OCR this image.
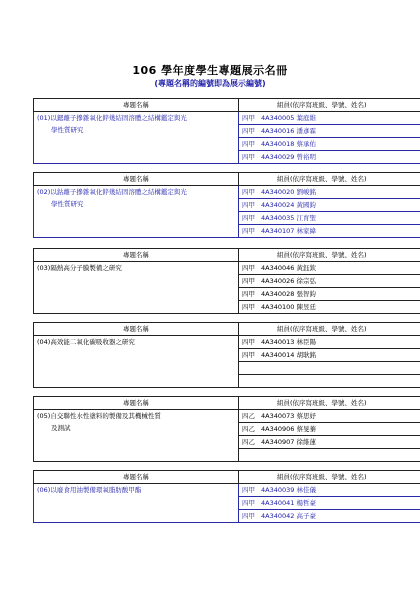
106 學年度學生專題展示名冊
(專題名稱的編號即為展示編號)
專題名稱	組員(依序寫班級、學號、姓名)
(01)以鍶離子摻雜氧化鋅幾結固溶體之結構鑑定與光
學性質研究	四甲 4A340005 葉庭維
	四甲 4A340016 潘彥霖
	四甲 4A340018 蔡承佑
	四甲 4A340029 曾裕明
專題名稱	組員(依序寫班級、學號、姓名)
(02)以鈷離子摻雜氧化鋅幾結固溶體之結構鑑定與光
學性質研究	四甲 4A340020 劉峻銘
	四甲 4A340024 黃國鈞
	四甲 4A340035 江育聖
	四甲 4A340107 林家緯
專題名稱	組員(依序寫班級、學號、姓名)
(03)隔熱高分子膜製備之研究	四甲 4A340046 黃鈺欽
	四甲 4A340026 徐宗弘
	四甲 4A340028 張智鈞
	四甲 4A340100 陳昱廷
專題名稱	組員(依序寫班級、學號、姓名)
(04)高效能二氧化碳吸收器之研究	四甲 4A340013 林臣陽
	四甲 4A340014 胡耿銘

專題名稱	組員(依序寫班級、學號、姓名)
(05)自交聯性水性塗料的製備及其機械性質
及測試	四乙 4A340073 蔡思妤
	四乙 4A340906 蔡旻蓁
	四乙 4A340907 徐維蓮

專題名稱	組員(依序寫班級、學號、姓名)
(06)以廢食用油製備環氧脂肪酸甲酯	四甲 4A340039 林佳儀
	四甲 4A340041 楊哲豪
	四甲 4A340042 高子豪
